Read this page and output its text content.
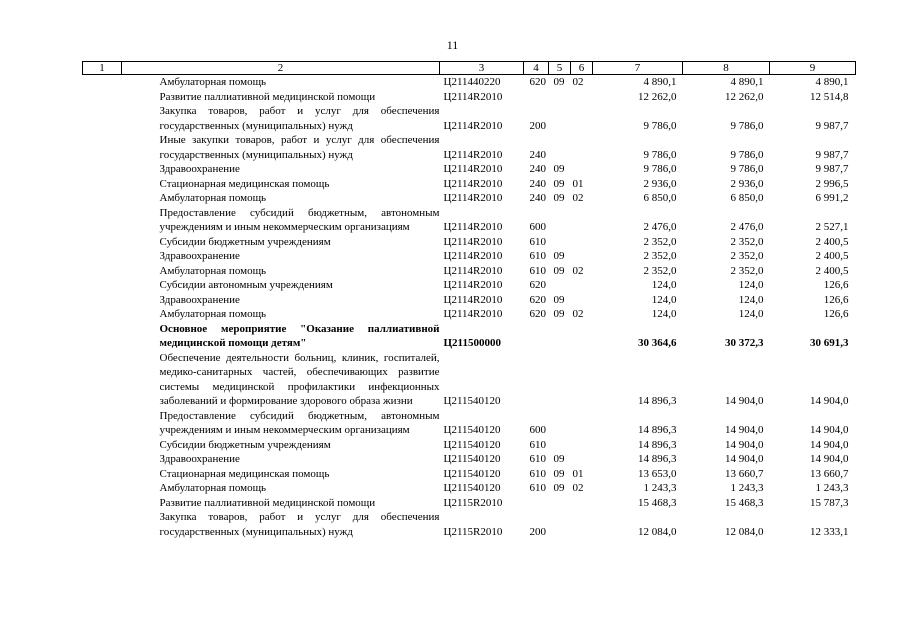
11
1	2	3	4	5	6	7	8	9
	Амбулаторная помощь	Ц211440220	620	09	02	4 890,1	4 890,1	4 890,1
	Развитие паллиативной медицинской помощи	Ц2114R2010				12 262,0	12 262,0	12 514,8
	Закупка товаров, работ и услуг для обеспечения государственных (муниципальных) нужд	Ц2114R2010	200			9 786,0	9 786,0	9 987,7
	Иные закупки товаров, работ и услуг для обеспечения государственных (муниципальных) нужд	Ц2114R2010	240			9 786,0	9 786,0	9 987,7
	Здравоохранение	Ц2114R2010	240	09		9 786,0	9 786,0	9 987,7
	Стационарная медицинская помощь	Ц2114R2010	240	09	01	2 936,0	2 936,0	2 996,5
	Амбулаторная помощь	Ц2114R2010	240	09	02	6 850,0	6 850,0	6 991,2
	Предоставление субсидий бюджетным, автономным учреждениям и иным некоммерческим организациям	Ц2114R2010	600			2 476,0	2 476,0	2 527,1
	Субсидии бюджетным учреждениям	Ц2114R2010	610			2 352,0	2 352,0	2 400,5
	Здравоохранение	Ц2114R2010	610	09		2 352,0	2 352,0	2 400,5
	Амбулаторная помощь	Ц2114R2010	610	09	02	2 352,0	2 352,0	2 400,5
	Субсидии автономным учреждениям	Ц2114R2010	620			124,0	124,0	126,6
	Здравоохранение	Ц2114R2010	620	09		124,0	124,0	126,6
	Амбулаторная помощь	Ц2114R2010	620	09	02	124,0	124,0	126,6
	Основное мероприятие "Оказание паллиативной медицинской помощи детям"	Ц211500000				30 364,6	30 372,3	30 691,3
	Обеспечение деятельности больниц, клиник, госпиталей, медико-санитарных частей, обеспечивающих развитие системы медицинской профилактики инфекционных заболеваний и формирование здорового образа жизни	Ц211540120				14 896,3	14 904,0	14 904,0
	Предоставление субсидий бюджетным, автономным учреждениям и иным некоммерческим организациям	Ц211540120	600			14 896,3	14 904,0	14 904,0
	Субсидии бюджетным учреждениям	Ц211540120	610			14 896,3	14 904,0	14 904,0
	Здравоохранение	Ц211540120	610	09		14 896,3	14 904,0	14 904,0
	Стационарная медицинская помощь	Ц211540120	610	09	01	13 653,0	13 660,7	13 660,7
	Амбулаторная помощь	Ц211540120	610	09	02	1 243,3	1 243,3	1 243,3
	Развитие паллиативной медицинской помощи	Ц2115R2010				15 468,3	15 468,3	15 787,3
	Закупка товаров, работ и услуг для обеспечения государственных (муниципальных) нужд	Ц2115R2010	200			12 084,0	12 084,0	12 333,1
